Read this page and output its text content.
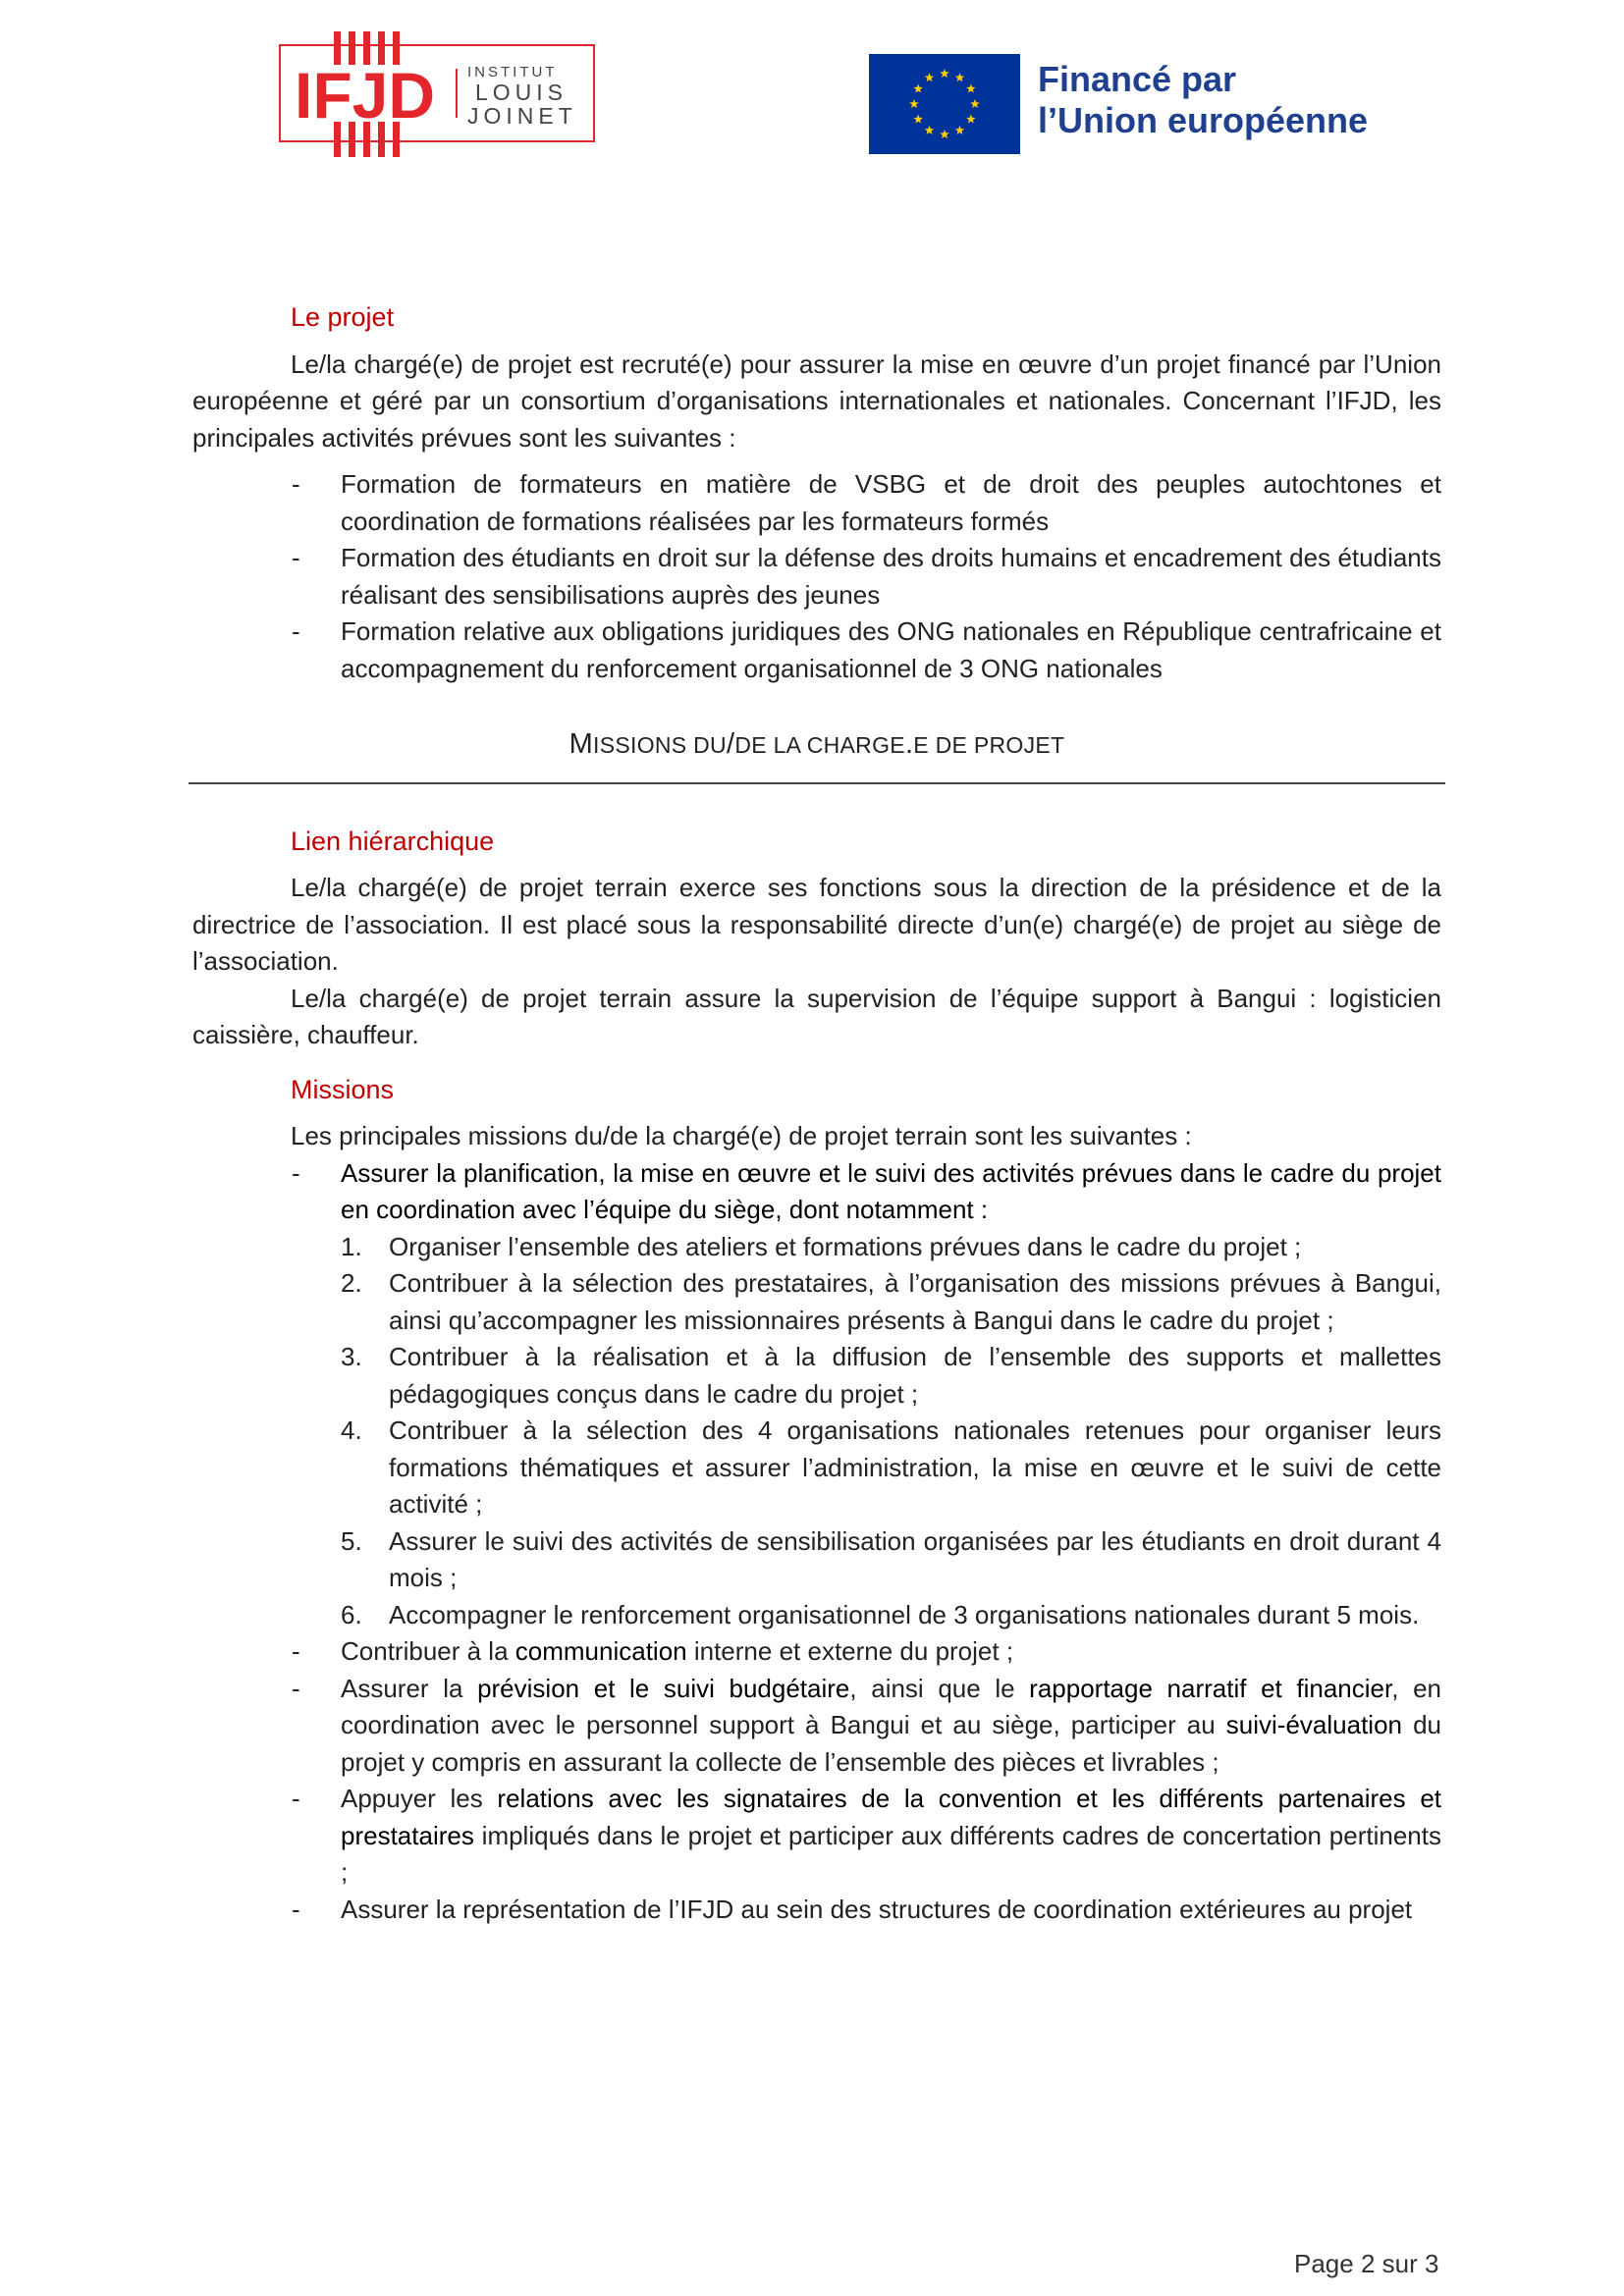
IFJD INSTITUT
LOUIS
JOINET
Financé par
l’Union européenne
Le projet

Le/la chargé(e) de projet est recruté(e) pour assurer la mise en œuvre d’un projet financé par l’Union européenne et géré par un consortium d’organisations internationales et nationales. Concernant l’IFJD, les principales activités prévues sont les suivantes :

- Formation de formateurs en matière de VSBG et de droit des peuples autochtones et coordination de formations réalisées par les formateurs formés
- Formation des étudiants en droit sur la défense des droits humains et encadrement des étudiants réalisant des sensibilisations auprès des jeunes
- Formation relative aux obligations juridiques des ONG nationales en République centrafricaine et accompagnement du renforcement organisationnel de 3 ONG nationales
MISSIONS DU/DE LA CHARGE.E DE PROJET
Lien hiérarchique

Le/la chargé(e) de projet terrain exerce ses fonctions sous la direction de la présidence et de la directrice de l’association. Il est placé sous la responsabilité directe d’un(e) chargé(e) de projet au siège de l’association.

Le/la chargé(e) de projet terrain assure la supervision de l’équipe support à Bangui : logisticien caissière, chauffeur.

Missions

Les principales missions du/de la chargé(e) de projet terrain sont les suivantes :

- Assurer la planification, la mise en œuvre et le suivi des activités prévues dans le cadre du projet en coordination avec l’équipe du siège, dont notamment :
1. Organiser l’ensemble des ateliers et formations prévues dans le cadre du projet ;
2. Contribuer à la sélection des prestataires, à l’organisation des missions prévues à Bangui, ainsi qu’accompagner les missionnaires présents à Bangui dans le cadre du projet ;
3. Contribuer à la réalisation et à la diffusion de l’ensemble des supports et mallettes pédagogiques conçus dans le cadre du projet ;
4. Contribuer à la sélection des 4 organisations nationales retenues pour organiser leurs formations thématiques et assurer l’administration, la mise en œuvre et le suivi de cette activité ;
5. Assurer le suivi des activités de sensibilisation organisées par les étudiants en droit durant 4 mois ;
6. Accompagner le renforcement organisationnel de 3 organisations nationales durant 5 mois.
- Contribuer à la communication interne et externe du projet ;
- Assurer la prévision et le suivi budgétaire, ainsi que le rapportage narratif et financier, en coordination avec le personnel support à Bangui et au siège, participer au suivi-évaluation du projet y compris en assurant la collecte de l’ensemble des pièces et livrables ;
- Appuyer les relations avec les signataires de la convention et les différents partenaires et prestataires impliqués dans le projet et participer aux différents cadres de concertation pertinents ;
- Assurer la représentation de l’IFJD au sein des structures de coordination extérieures au projet
Page 2 sur 3
